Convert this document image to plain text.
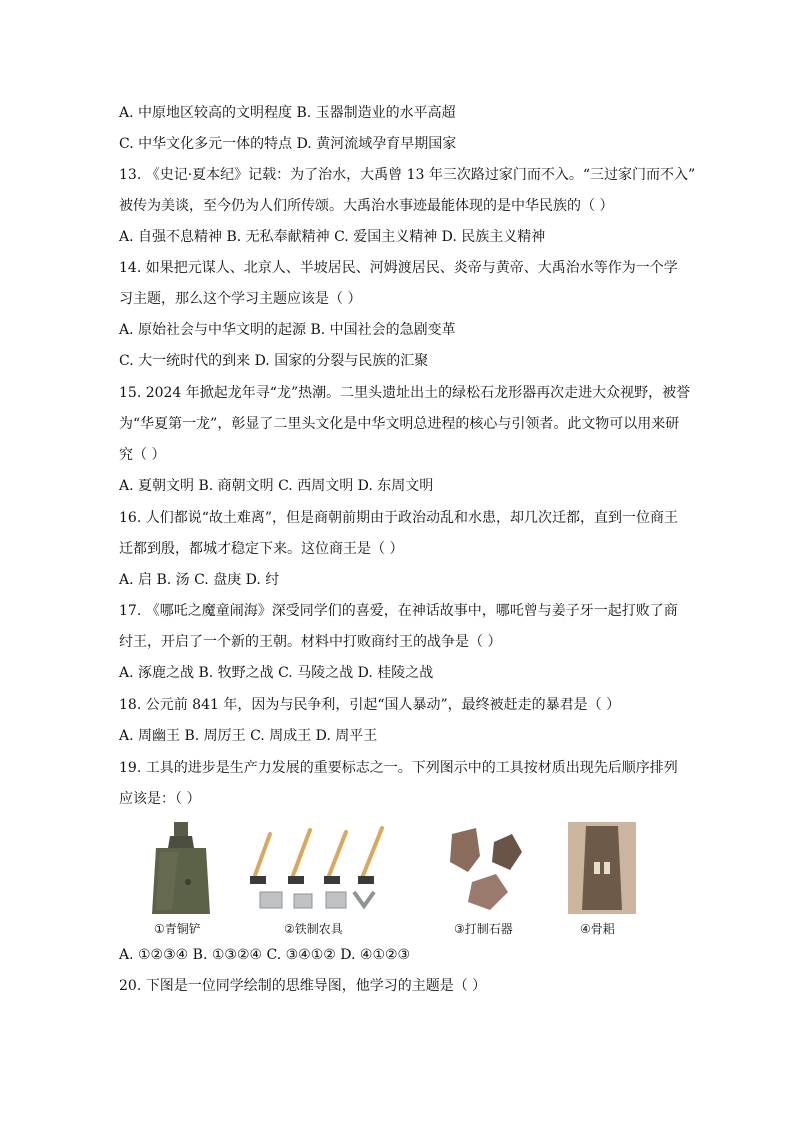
A. 中原地区较高的文明程度 B. 玉器制造业的水平高超
C. 中华文化多元一体的特点 D. 黄河流域孕育早期国家
13. 《史记·夏本纪》记载：为了治水，大禹曾 13 年三次路过家门而不入。“三过家门而不入”
被传为美谈，至今仍为人们所传颂。大禹治水事迹最能体现的是中华民族的（ ）
A. 自强不息精神 B. 无私奉献精神 C. 爱国主义精神 D. 民族主义精神
14. 如果把元谋人、北京人、半坡居民、河姆渡居民、炎帝与黄帝、大禹治水等作为一个学
习主题，那么这个学习主题应该是（ ）
A. 原始社会与中华文明的起源 B. 中国社会的急剧变革
C. 大一统时代的到来 D. 国家的分裂与民族的汇聚
15. 2024 年掀起龙年寻“龙”热潮。二里头遗址出土的绿松石龙形器再次走进大众视野，被誉
为“华夏第一龙”，彰显了二里头文化是中华文明总进程的核心与引领者。此文物可以用来研
究（ ）
A. 夏朝文明 B. 商朝文明 C. 西周文明 D. 东周文明
16. 人们都说“故土难离”，但是商朝前期由于政治动乱和水患，却几次迁都，直到一位商王
迁都到殷，都城才稳定下来。这位商王是（ ）
A. 启 B. 汤 C. 盘庚 D. 纣
17. 《哪吒之魔童闹海》深受同学们的喜爱，在神话故事中，哪吒曾与姜子牙一起打败了商
纣王，开启了一个新的王朝。材料中打败商纣王的战争是（ ）
A. 涿鹿之战 B. 牧野之战 C. 马陵之战 D. 桂陵之战
18. 公元前 841 年，因为与民争利，引起“国人暴动”，最终被赶走的暴君是（ ）
A. 周幽王 B. 周厉王 C. 周成王 D. 周平王
19. 工具的进步是生产力发展的重要标志之一。下列图示中的工具按材质出现先后顺序排列
应该是：（ ）
①青铜铲	②铁制农具	③打制石器	④骨耜
A. ①②③④ B. ①③②④ C. ③④①② D. ④①②③
20. 下图是一位同学绘制的思维导图，他学习的主题是（ ）
